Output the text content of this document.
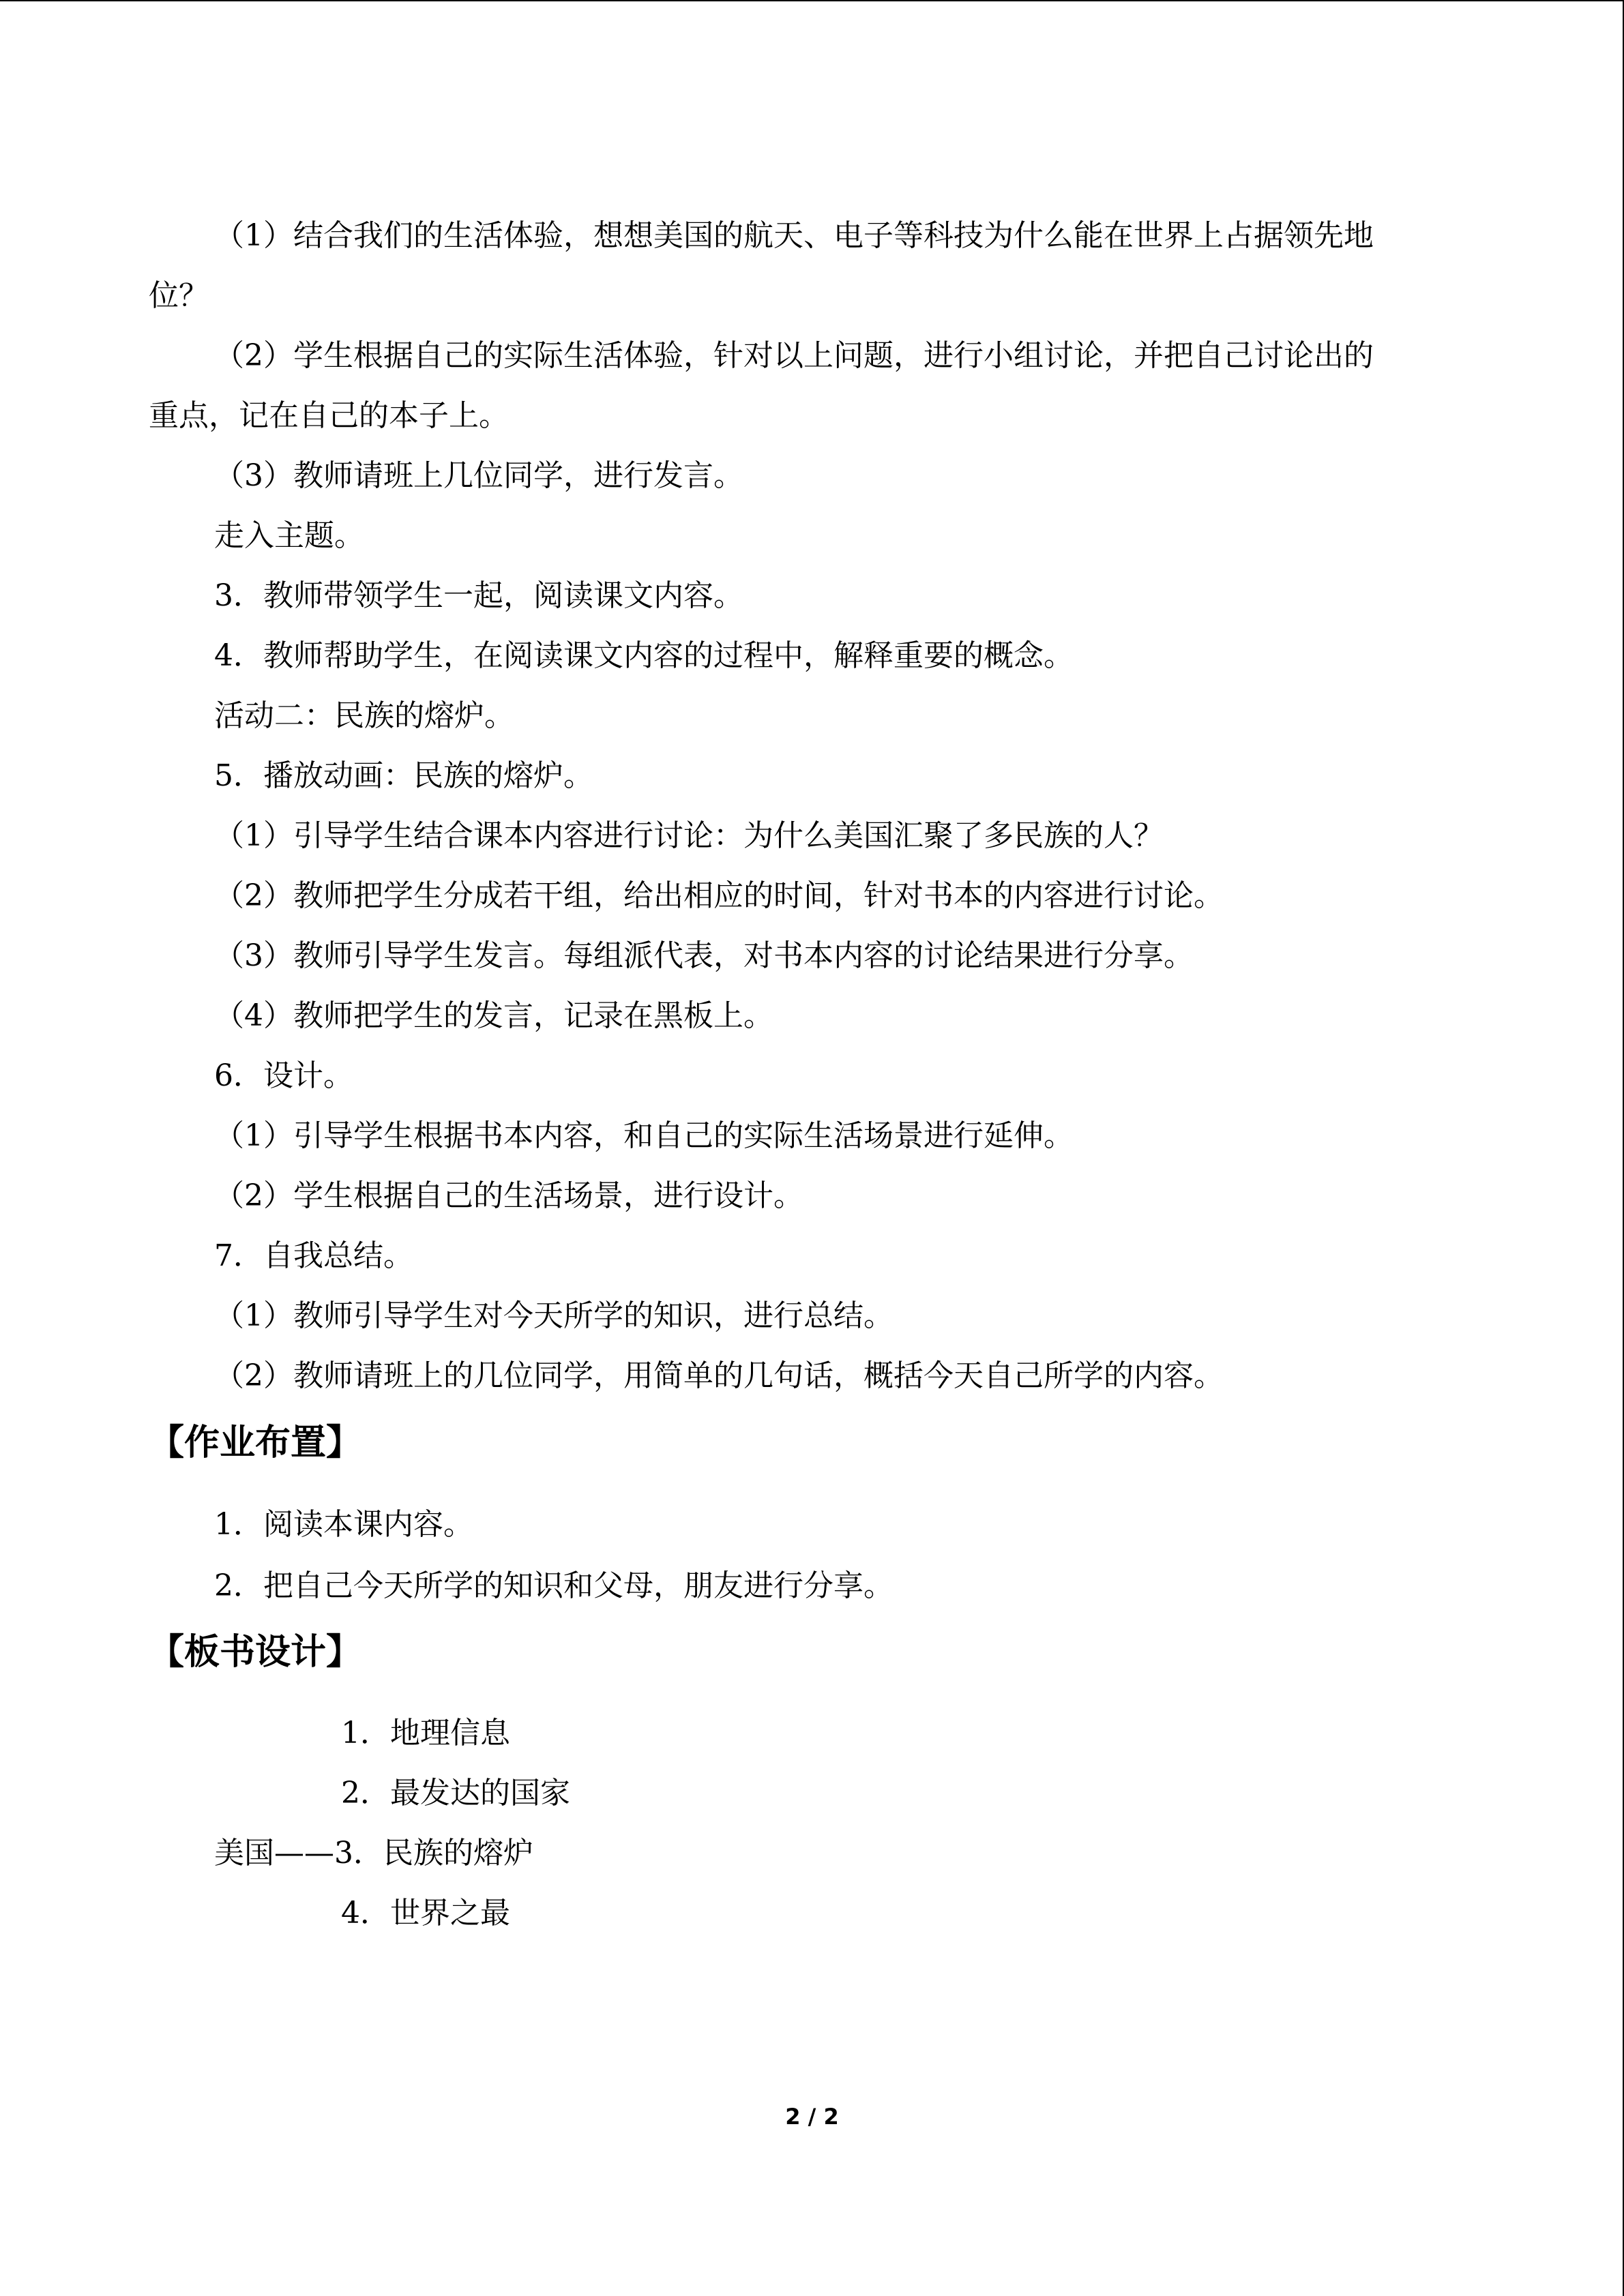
（1）结合我们的生活体验，想想美国的航天、电子等科技为什么能在世界上占据领先地
位？
（2）学生根据自己的实际生活体验，针对以上问题，进行小组讨论，并把自己讨论出的
重点，记在自己的本子上。
（3）教师请班上几位同学，进行发言。
走入主题。
3．教师带领学生一起，阅读课文内容。
4．教师帮助学生，在阅读课文内容的过程中，解释重要的概念。
活动二：民族的熔炉。
5．播放动画：民族的熔炉。
（1）引导学生结合课本内容进行讨论：为什么美国汇聚了多民族的人？
（2）教师把学生分成若干组，给出相应的时间，针对书本的内容进行讨论。
（3）教师引导学生发言。每组派代表，对书本内容的讨论结果进行分享。
（4）教师把学生的发言，记录在黑板上。
6．设计。
（1）引导学生根据书本内容，和自己的实际生活场景进行延伸。
（2）学生根据自己的生活场景，进行设计。
7．自我总结。
（1）教师引导学生对今天所学的知识，进行总结。
（2）教师请班上的几位同学，用简单的几句话，概括今天自己所学的内容。
【作业布置】
1．阅读本课内容。
2．把自己今天所学的知识和父母，朋友进行分享。
【板书设计】
1．地理信息
2．最发达的国家
美国——3．民族的熔炉
4．世界之最
2 / 2
